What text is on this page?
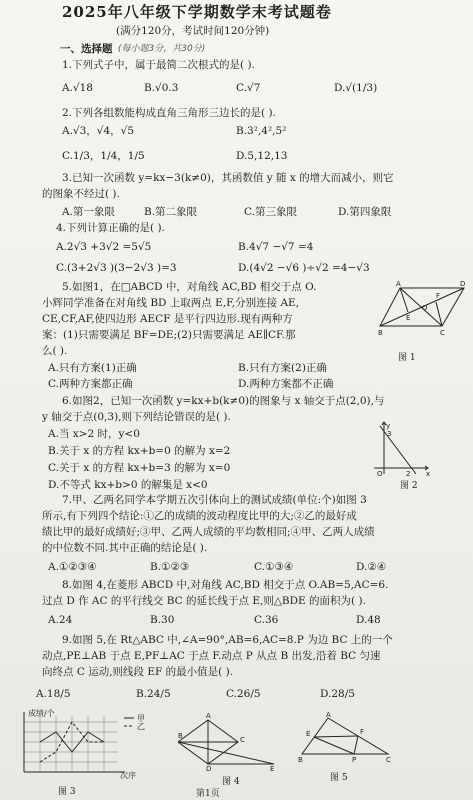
2025年八年级下学期数学末考试题卷
(满分120分，考试时间120分钟)
一、选择题 (每小题3分，共30分)
1.下列式子中，属于最简二次根式的是( ).
A.√18	B.√0.3	C.√7	D.√(1/3)
2.下列各组数能构成直角三角形三边长的是( ).
A.√3，√4，√5	B.3²,4²,5²
C.1/3，1/4，1/5	D.5,12,13
3.已知一次函数 y=kx−3(k≠0)，其函数值 y 随 x 的增大而减小，则它
的图象不经过( ).
A.第一象限	B.第二象限	C.第三象限	D.第四象限
4.下列计算正确的是( ).
A.2√3 +3√2 =5√5	B.4√7 −√7 =4
C.(3+2√3 )(3−2√3 )=3	D.(4√2 −√6 )÷√2 =4−√3
5.如图1，在□ABCD 中，对角线 AC,BD 相交于点 O.
小辉同学准备在对角线 BD 上取两点 E,F,分别连接 AE,
CE,CF,AF,使四边形 AECF 是平行四边形.现有两种方
案：(1)只需要满足 BF=DE;(2)只需要满足 AE∥CF.那
么( ).
A.只有方案(1)正确	B.只有方案(2)正确
C.两种方案都正确	D.两种方案都不正确
A	D
B	C
O
E
F
图 1
6.如图2，已知一次函数 y=kx+b(k≠0)的图象与 x 轴交于点(2,0),与
y 轴交于点(0,3),则下列结论错误的是( ).
A.当 x>2 时，y<0
B.关于 x 的方程 kx+b=0 的解为 x=2
C.关于 x 的方程 kx+b=3 的解为 x=0
D.不等式 kx+b>0 的解集是 x<0
y
3
O	2 x
图 2
7.甲、乙两名同学本学期五次引体向上的测试成绩(单位:个)如图 3
所示,有下列四个结论:①乙的成绩的波动程度比甲的大;②乙的最好成
绩比甲的最好成绩好;③甲、乙两人成绩的平均数相同;④甲、乙两人成绩
的中位数不同.其中正确的结论是( ).
A.①②③④	B.①②③	C.①③④	D.②④
8.如图 4,在菱形 ABCD 中,对角线 AC,BD 相交于点 O.AB=5,AC=6.
过点 D 作 AC 的平行线交 BC 的延长线于点 E,则△BDE 的面积为( ).
A.24	B.30	C.36	D.48
9.如图 5,在 Rt△ABC 中,∠A=90°,AB=6,AC=8.P 为边 BC 上的一个
动点,PE⊥AB 于点 E,PF⊥AC 于点 F.动点 P 从点 B 出发,沿着 BC 匀速
向终点 C 运动,则线段 EF 的最小值是( ).
A.18/5	B.24/5	C.26/5	D.28/5
成绩/个
次序
甲
乙
图 3
A
C
D
B
E
图 4
A
B	C
E	F
P
图 5
第1页
